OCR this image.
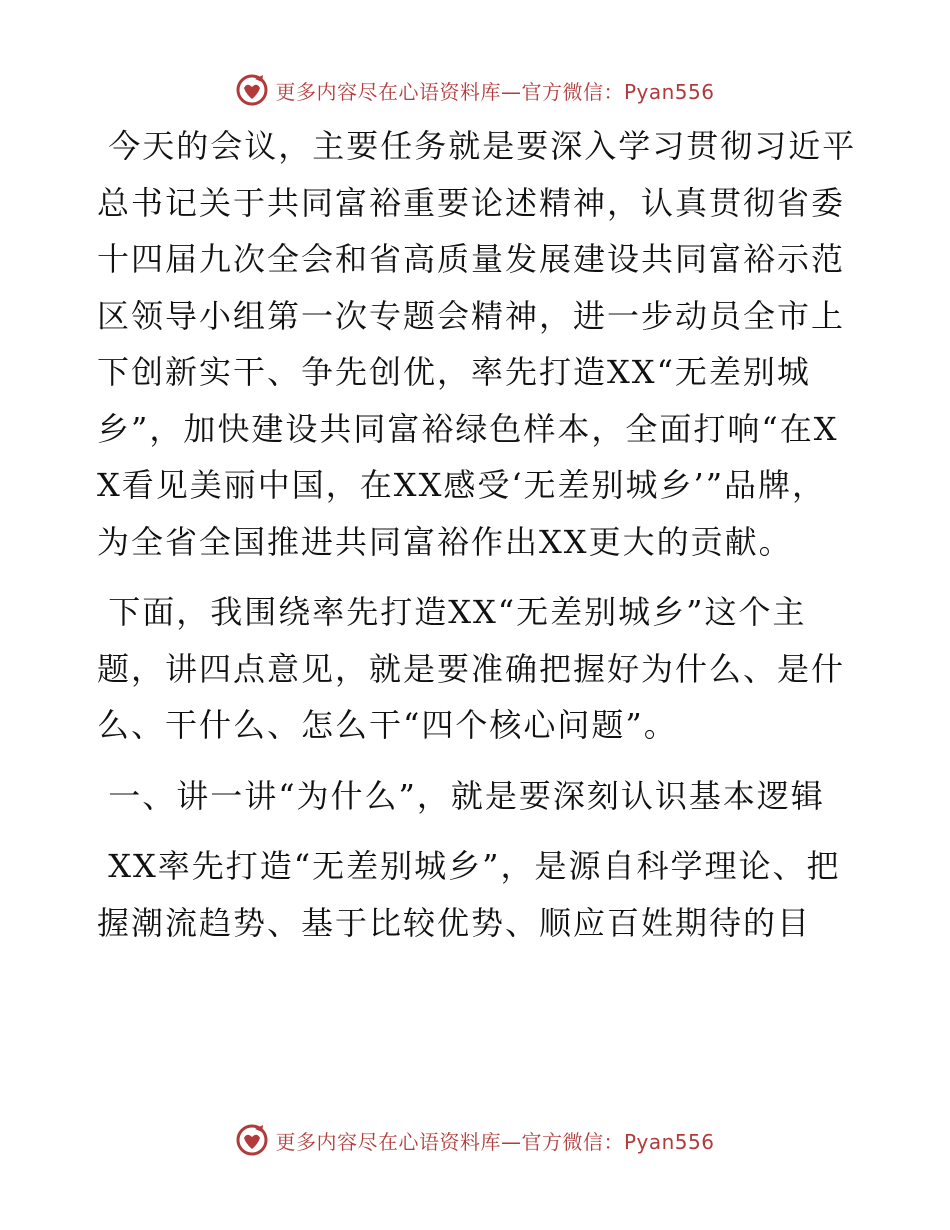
更多内容尽在心语资料库—官方微信：Pyan556

今天的会议，主要任务就是要深入学习贯彻习近平总书记关于共同富裕重要论述精神，认真贯彻省委十四届九次全会和省高质量发展建设共同富裕示范区领导小组第一次专题会精神，进一步动员全市上下创新实干、争先创优，率先打造XX“无差别城乡”，加快建设共同富裕绿色样本，全面打响“在XX看见美丽中国，在XX感受‘无差别城乡’”品牌，为全省全国推进共同富裕作出XX更大的贡献。

下面，我围绕率先打造XX“无差别城乡”这个主题，讲四点意见，就是要准确把握好为什么、是什么、干什么、怎么干“四个核心问题”。

一、讲一讲“为什么”，就是要深刻认识基本逻辑

XX率先打造“无差别城乡”，是源自科学理论、把握潮流趋势、基于比较优势、顺应百姓期待的目

更多内容尽在心语资料库—官方微信：Pyan556
